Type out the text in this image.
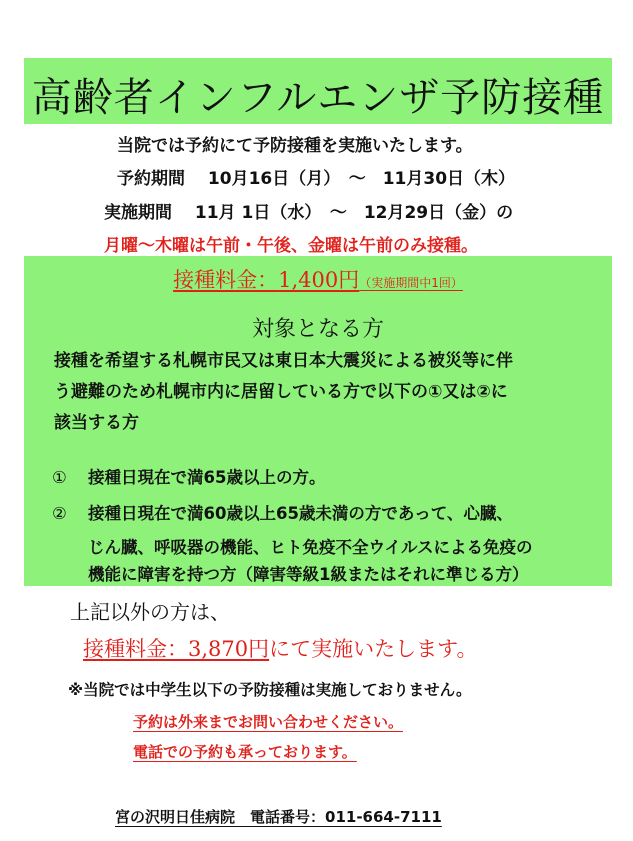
高齢者インフルエンザ予防接種
当院では予約にて予防接種を実施いたします。
予約期間　 10月16日（月）　～　11月30日（木）
実施期間　 11月 1日（水）　～　12月29日（金）の
月曜～木曜は午前・午後、金曜は午前のみ接種。
接種料金：1,400円（実施期間中1回）
対象となる方
接種を希望する札幌市民又は東日本大震災による被災等に伴
う避難のため札幌市内に居留している方で以下の①又は②に
該当する方
① 接種日現在で満65歳以上の方。
② 接種日現在で満60歳以上65歳未満の方であって、心臓、
じん臓、呼吸器の機能、ヒト免疫不全ウイルスによる免疫の
機能に障害を持つ方（障害等級1級またはそれに準じる方）
上記以外の方は、
接種料金：3,870円にて実施いたします。
※当院では中学生以下の予防接種は実施しておりません。
予約は外来までお問い合わせください。
電話での予約も承っております。
宮の沢明日佳病院　電話番号：011-664-7111
